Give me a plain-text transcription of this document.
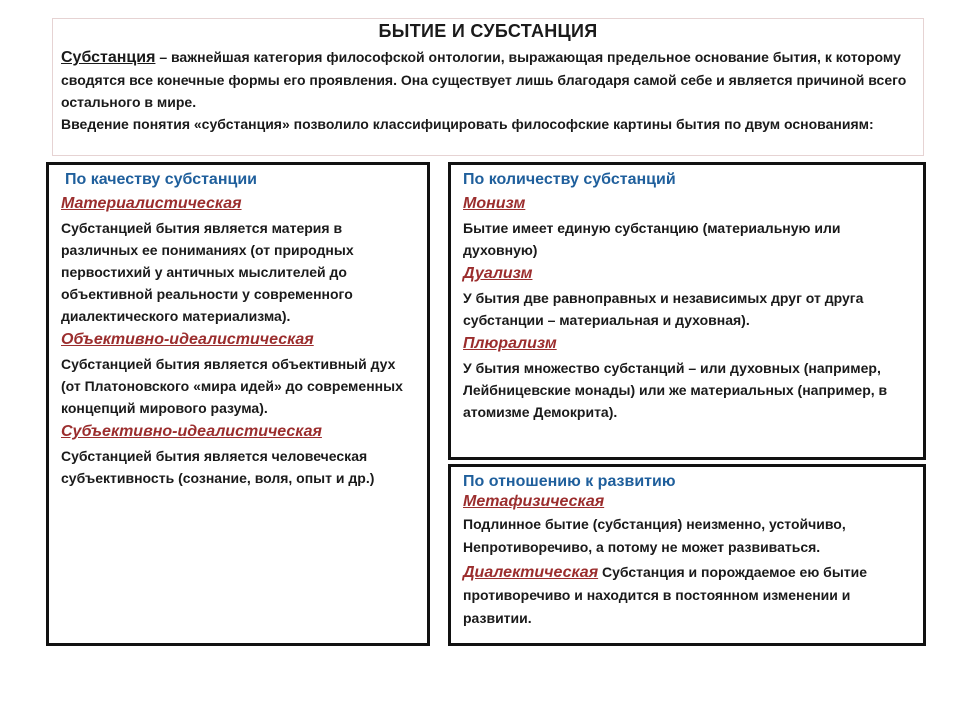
БЫТИЕ И СУБСТАНЦИЯ

Субстанция – важнейшая категория философской онтологии, выражающая предельное основание бытия, к которому сводятся все конечные формы его проявления. Она существует лишь благодаря самой себе и является причиной всего остального в мире.

Введение понятия «субстанция» позволило классифицировать философские картины бытия по двум основаниям:

По качеству субстанции
Материалистическая

Субстанцией бытия является материя в различных ее пониманиях (от природных первостихий у античных мыслителей до объективной реальности у современного диалектического материализма).

Объективно-идеалистическая

Субстанцией бытия является объективный дух (от Платоновского «мира идей» до современных концепций мирового разума).

Субъективно-идеалистическая

Субстанцией бытия является человеческая субъективность (сознание, воля, опыт и др.)

По количеству субстанций
Монизм

Бытие имеет единую субстанцию (материальную или духовную)

Дуализм

У бытия две равноправных и независимых друг от друга субстанции – материальная и духовная).

Плюрализм

У бытия множество субстанций – или духовных (например, Лейбницевские монады) или же материальных (например, в атомизме Демокрита).

По отношению к развитию
Метафизическая

Подлинное бытие (субстанция) неизменно, устойчиво, Непротиворечиво, а потому не может развиваться.

Диалектическая Субстанция и порождаемое ею бытие противоречиво и находится в постоянном изменении и развитии.
